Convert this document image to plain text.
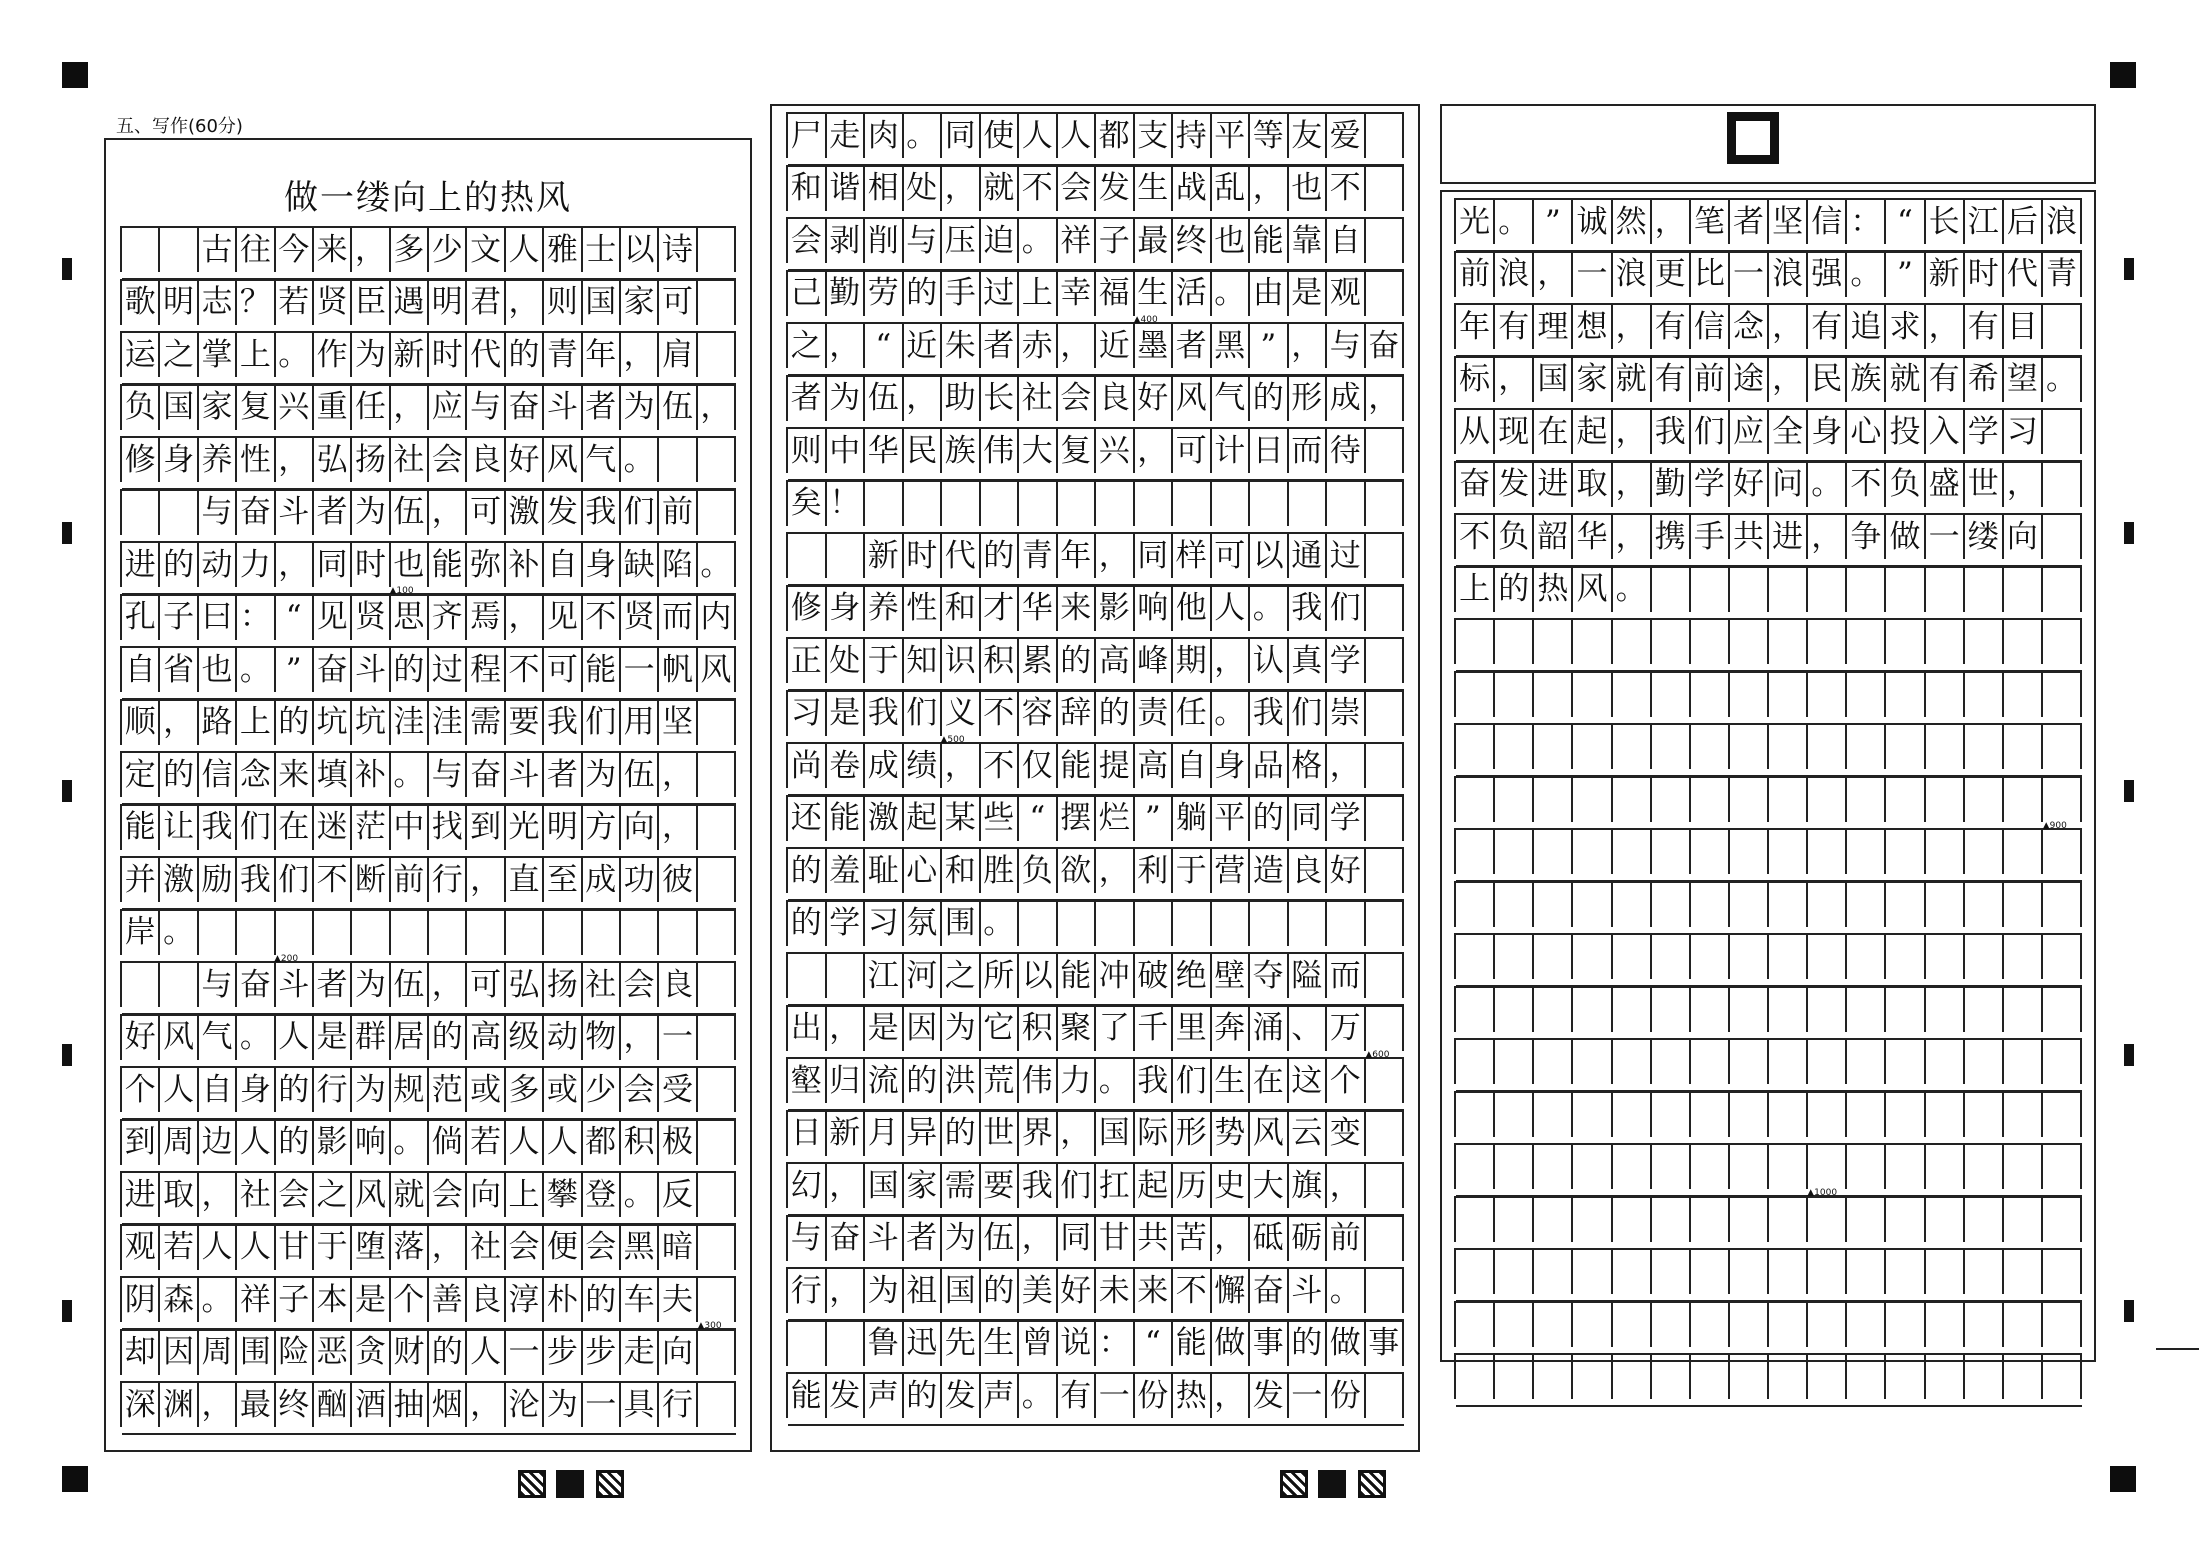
五、写作(60分)
做一缕向上的热风
古 往 今 来 ， 多 少 文 人 雅 士 以 诗
歌 明 志 ？ 若 贤 臣 遇 明 君 ， 则 国 家 可
运 之 掌 上 。 作 为 新 时 代 的 青 年 ， 肩
负 国 家 复 兴 重 任 ， 应 与 奋 斗 者 为 伍 ，
修 身 养 性 ， 弘 扬 社 会 良 好 风 气 。
与 奋 斗 者 为 伍 ， 可 激 发 我 们 前
进 的 动 力 ， 同 时 也 能 弥 补 自 身 缺 陷 。
孔 子 曰 ： “ 见 贤 思 齐 焉 ， 见 不 贤 而 内
自 省 也 。 ” 奋 斗 的 过 程 不 可 能 一 帆 风
顺 ， 路 上 的 坑 坑 洼 洼 需 要 我 们 用 坚
定 的 信 念 来 填 补 。 与 奋 斗 者 为 伍 ，
能 让 我 们 在 迷 茫 中 找 到 光 明 方 向 ，
并 激 励 我 们 不 断 前 行 ， 直 至 成 功 彼
岸 。
与 奋 斗 者 为 伍 ， 可 弘 扬 社 会 良
好 风 气 。 人 是 群 居 的 高 级 动 物 ， 一
个 人 自 身 的 行 为 规 范 或 多 或 少 会 受
到 周 边 人 的 影 响 。 倘 若 人 人 都 积 极
进 取 ， 社 会 之 风 就 会 向 上 攀 登 。 反
观 若 人 人 甘 于 堕 落 ， 社 会 便 会 黑 暗
阴 森 。 祥 子 本 是 个 善 良 淳 朴 的 车 夫
却 因 周 围 险 恶 贪 财 的 人 一 步 步 走 向
深 渊 ， 最 终 酗 酒 抽 烟 ， 沦 为 一 具 行
▲100
▲200
▲300
尸 走 肉 。 同 使 人 人 都 支 持 平 等 友 爱
和 谐 相 处 ， 就 不 会 发 生 战 乱 ， 也 不
会 剥 削 与 压 迫 。 祥 子 最 终 也 能 靠 自
己 勤 劳 的 手 过 上 幸 福 生 活 。 由 是 观
之 ， “ 近 朱 者 赤 ， 近 墨 者 黑 ” ， 与 奋
者 为 伍 ， 助 长 社 会 良 好 风 气 的 形 成 ，
则 中 华 民 族 伟 大 复 兴 ， 可 计 日 而 待
矣 ！
新 时 代 的 青 年 ， 同 样 可 以 通 过
修 身 养 性 和 才 华 来 影 响 他 人 。 我 们
正 处 于 知 识 积 累 的 高 峰 期 ， 认 真 学
习 是 我 们 义 不 容 辞 的 责 任 。 我 们 崇
尚 卷 成 绩 ， 不 仅 能 提 高 自 身 品 格 ，
还 能 激 起 某 些 “ 摆 烂 ” 躺 平 的 同 学
的 羞 耻 心 和 胜 负 欲 ， 利 于 营 造 良 好
的 学 习 氛 围 。
江 河 之 所 以 能 冲 破 绝 壁 夺 隘 而
出 ， 是 因 为 它 积 聚 了 千 里 奔 涌 、 万
壑 归 流 的 洪 荒 伟 力 。 我 们 生 在 这 个
日 新 月 异 的 世 界 ， 国 际 形 势 风 云 变
幻 ， 国 家 需 要 我 们 扛 起 历 史 大 旗 ，
与 奋 斗 者 为 伍 ， 同 甘 共 苦 ， 砥 砺 前
行 ， 为 祖 国 的 美 好 未 来 不 懈 奋 斗 。
鲁 迅 先 生 曾 说 ： “ 能 做 事 的 做 事
能 发 声 的 发 声 。 有 一 份 热 ， 发 一 份
▲400
▲500
▲600
光 。 ” 诚 然 ， 笔 者 坚 信 ： “ 长 江 后 浪
前 浪 ， 一 浪 更 比 一 浪 强 。 ” 新 时 代 青
年 有 理 想 ， 有 信 念 ， 有 追 求 ， 有 目
标 ， 国 家 就 有 前 途 ， 民 族 就 有 希 望 。
从 现 在 起 ， 我 们 应 全 身 心 投 入 学 习
奋 发 进 取 ， 勤 学 好 问 。 不 负 盛 世 ，
不 负 韶 华 ， 携 手 共 进 ， 争 做 一 缕 向
上 的 热 风 。
▲900
▲1000
